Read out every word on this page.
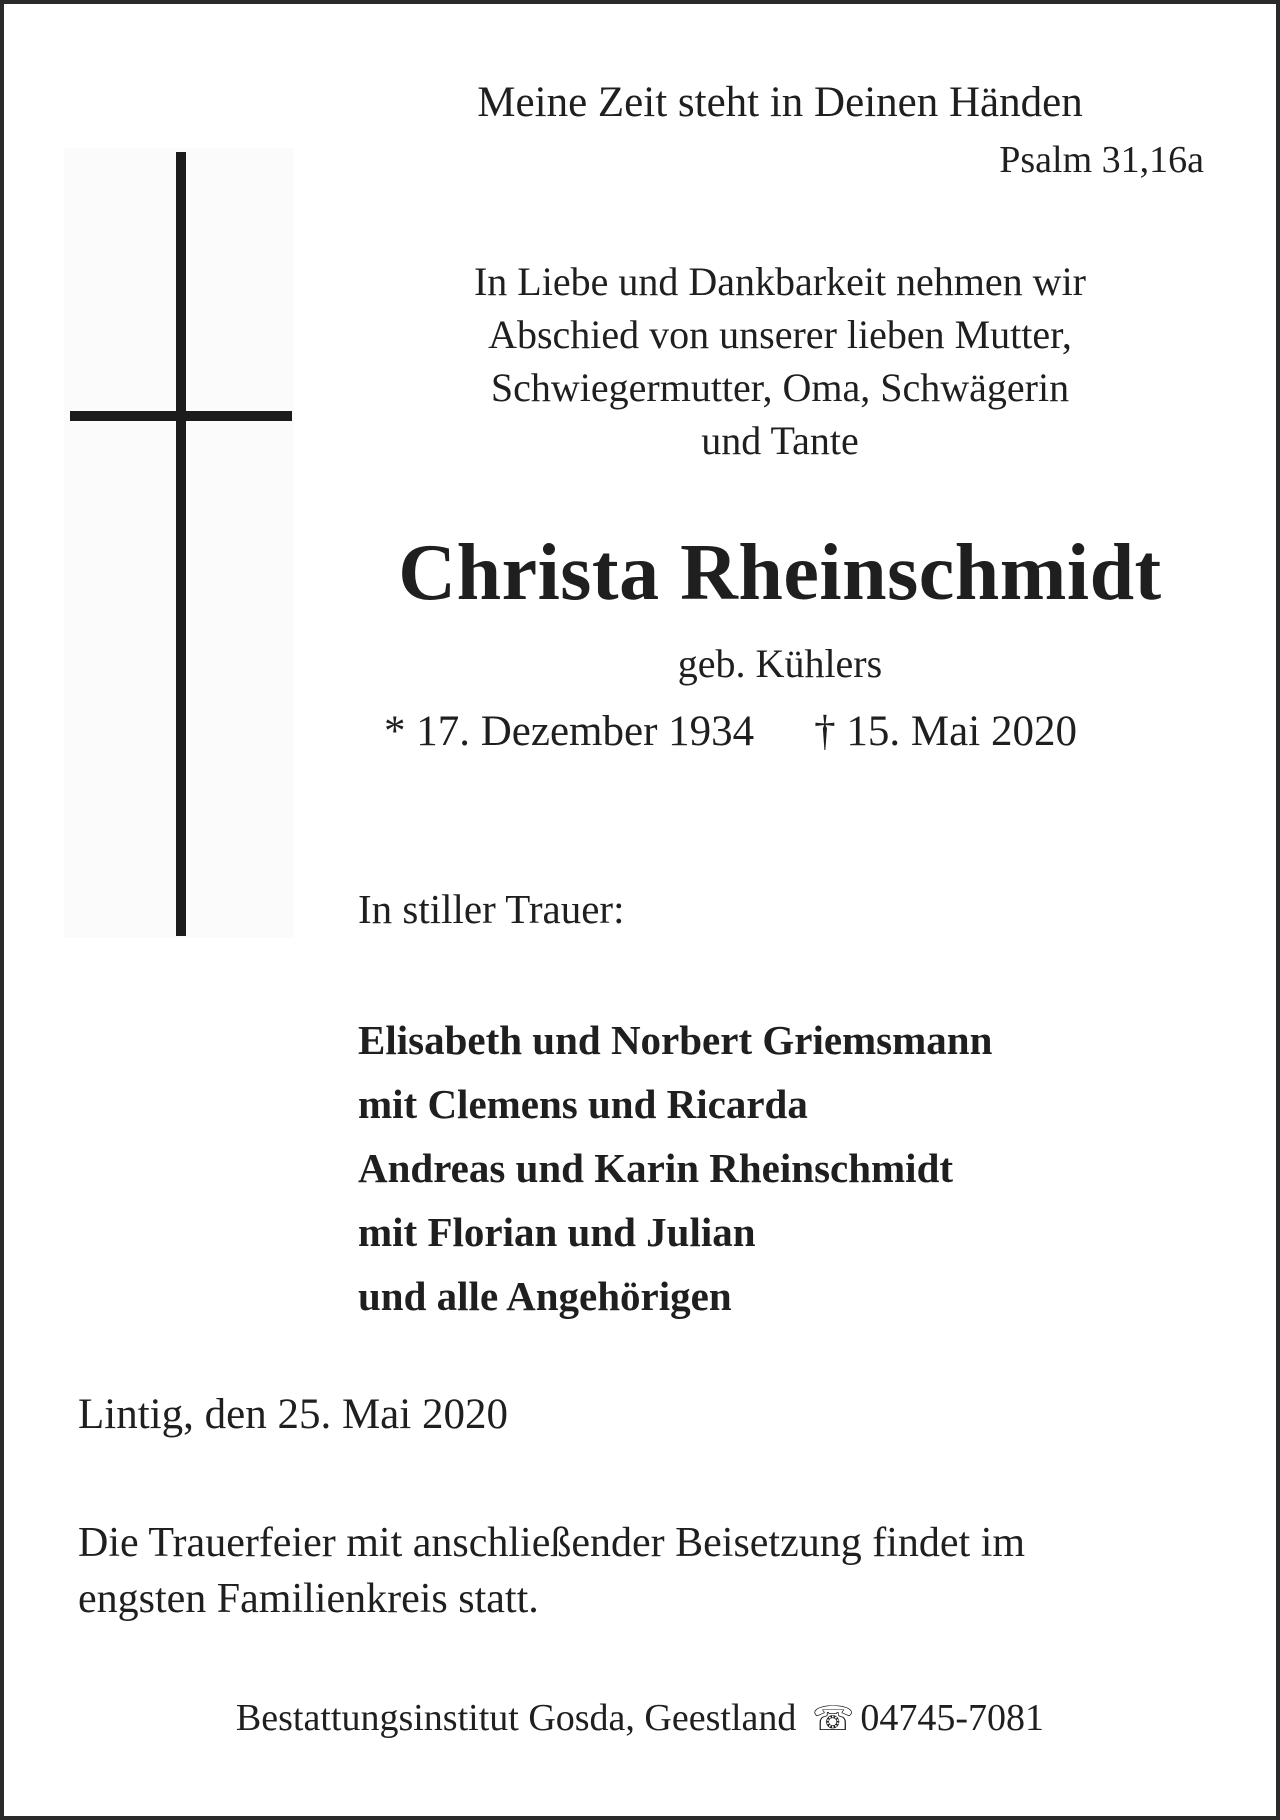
Meine Zeit steht in Deinen Händen
Psalm 31,16a
In Liebe und Dankbarkeit nehmen wir
Abschied von unserer lieben Mutter,
Schwiegermutter, Oma, Schwägerin
und Tante
Christa Rheinschmidt
geb. Kühlers
* 17. Dezember 1934 † 15. Mai 2020
In stiller Trauer:
Elisabeth und Norbert Griemsmann
mit Clemens und Ricarda
Andreas und Karin Rheinschmidt
mit Florian und Julian
und alle Angehörigen
Lintig, den 25. Mai 2020
Die Trauerfeier mit anschließender Beisetzung findet im
engsten Familienkreis statt.
Bestattungsinstitut Gosda, Geestland ☏ 04745-7081
